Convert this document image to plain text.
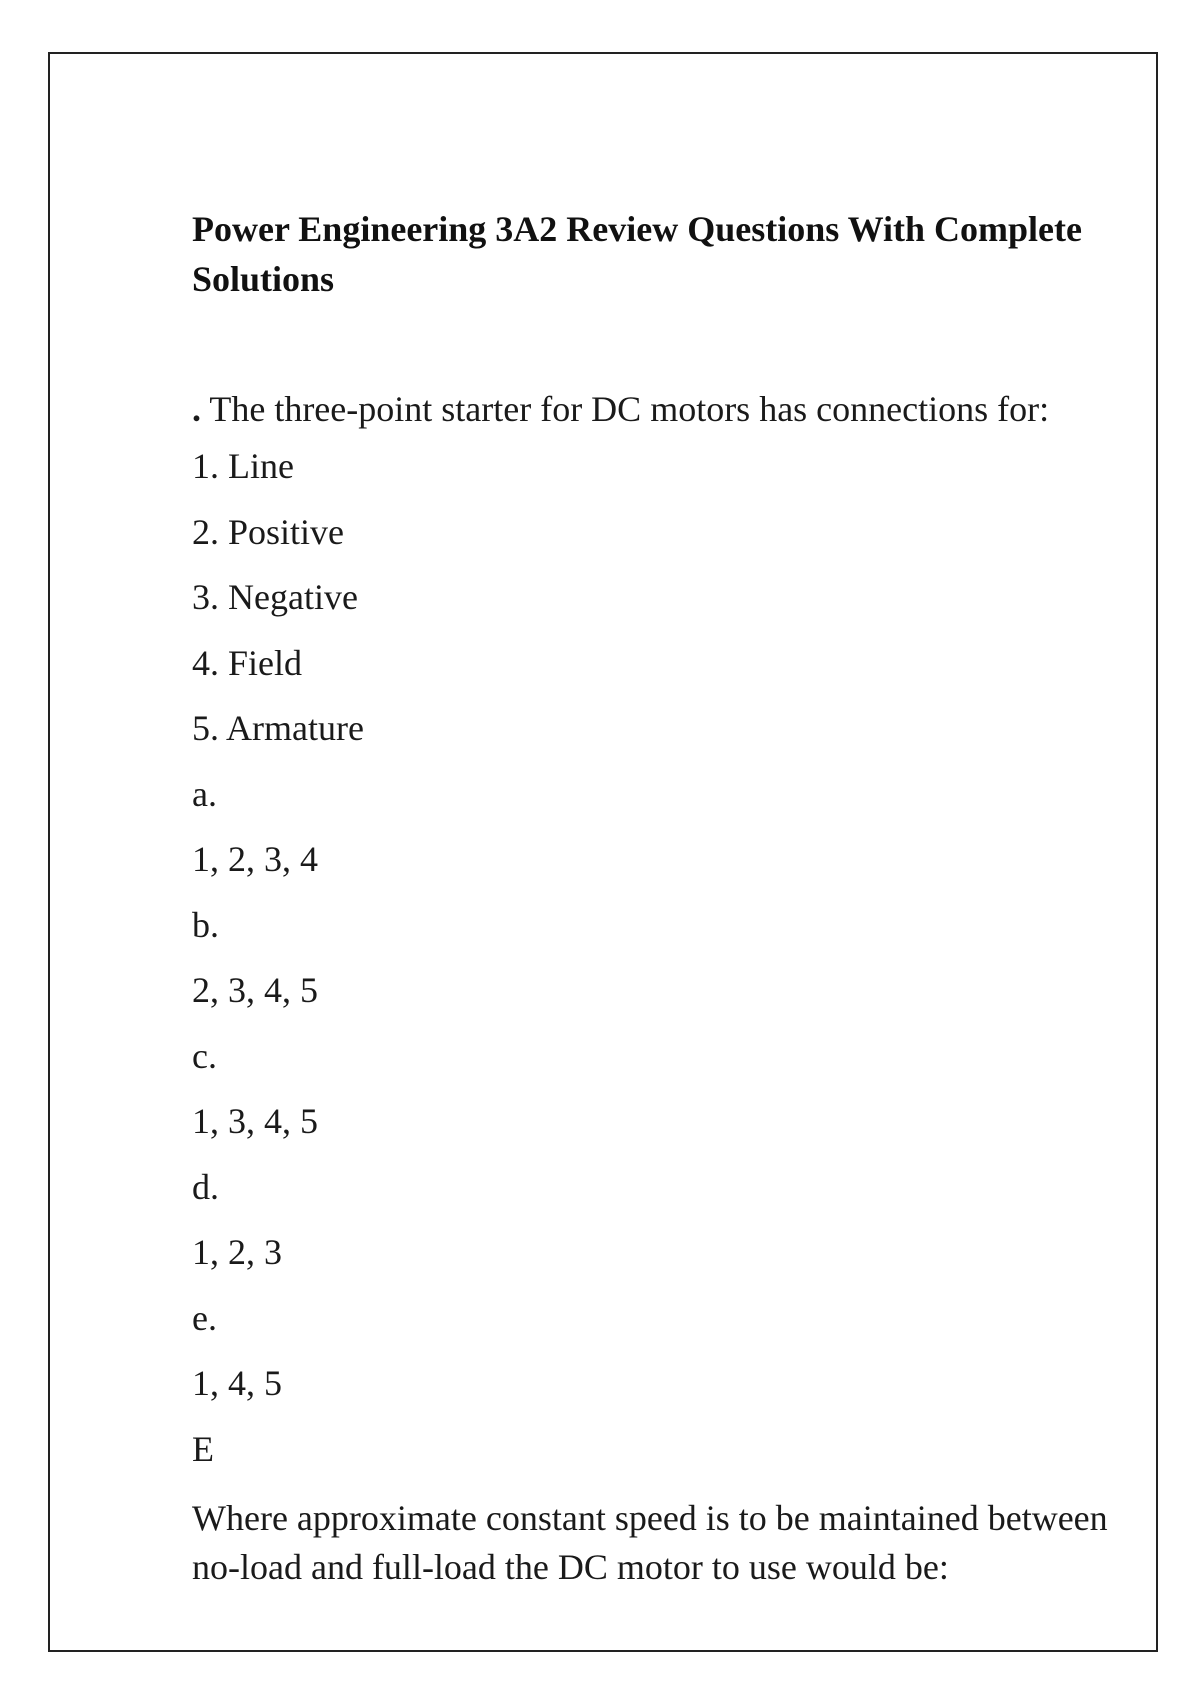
Power Engineering 3A2 Review Questions With Complete Solutions

. The three-point starter for DC motors has connections for:

1. Line

2. Positive

3. Negative

4. Field

5. Armature

a.

1, 2, 3, 4

b.

2, 3, 4, 5

c.

1, 3, 4, 5

d.

1, 2, 3

e.

1, 4, 5

E

Where approximate constant speed is to be maintained between no-load and full-load the DC motor to use would be:
